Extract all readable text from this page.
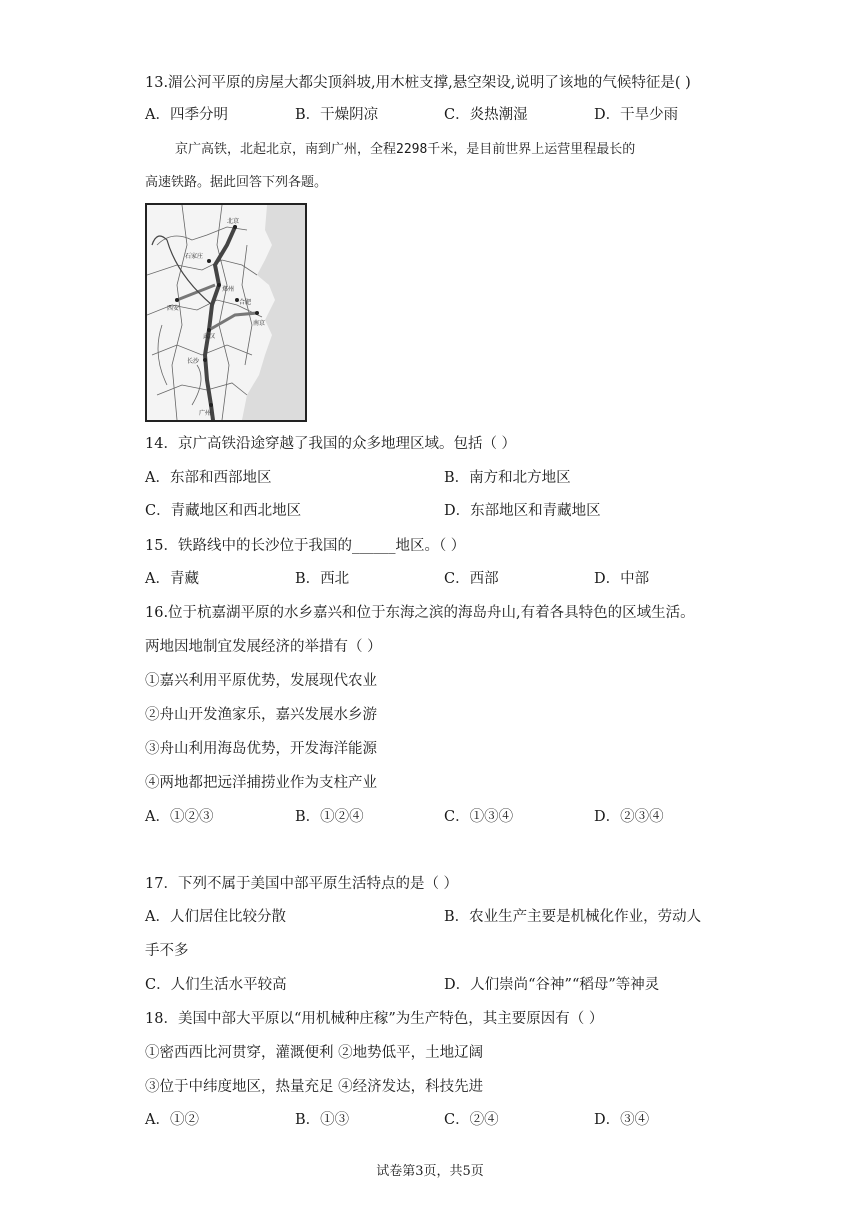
13.湄公河平原的房屋大都尖顶斜坡,用木桩支撑,悬空架设,说明了该地的气候特征是( )
A．四季分明	B．干燥阴凉	C．炎热潮湿	D．干旱少雨
京广高铁，北起北京，南到广州，全程2298千米，是目前世界上运营里程最长的
高速铁路。据此回答下列各题。
北京
石家庄
郑州
合肥
西安
南京
武汉
长沙
广州
14．京广高铁沿途穿越了我国的众多地理区域。包括（ ）
A．东部和西部地区	B．南方和北方地区
C．青藏地区和西北地区	D．东部地区和青藏地区
15．铁路线中的长沙位于我国的______地区。（ ）
A．青藏	B．西北	C．西部	D．中部
16.位于杭嘉湖平原的水乡嘉兴和位于东海之滨的海岛舟山,有着各具特色的区域生活。
两地因地制宜发展经济的举措有（ ）
①嘉兴利用平原优势，发展现代农业
②舟山开发渔家乐，嘉兴发展水乡游
③舟山利用海岛优势，开发海洋能源
④两地都把远洋捕捞业作为支柱产业
A．①②③	B．①②④	C．①③④	D．②③④
17．下列不属于美国中部平原生活特点的是（ ）
A．人们居住比较分散	B．农业生产主要是机械化作业，劳动人
手不多
C．人们生活水平较高	D．人们崇尚“谷神”“稻母”等神灵
18．美国中部大平原以“用机械种庄稼”为生产特色，其主要原因有（ ）
①密西西比河贯穿，灌溉便利 ②地势低平，土地辽阔
③位于中纬度地区，热量充足 ④经济发达，科技先进
A．①②	B．①③	C．②④	D．③④
试卷第3页，共5页
